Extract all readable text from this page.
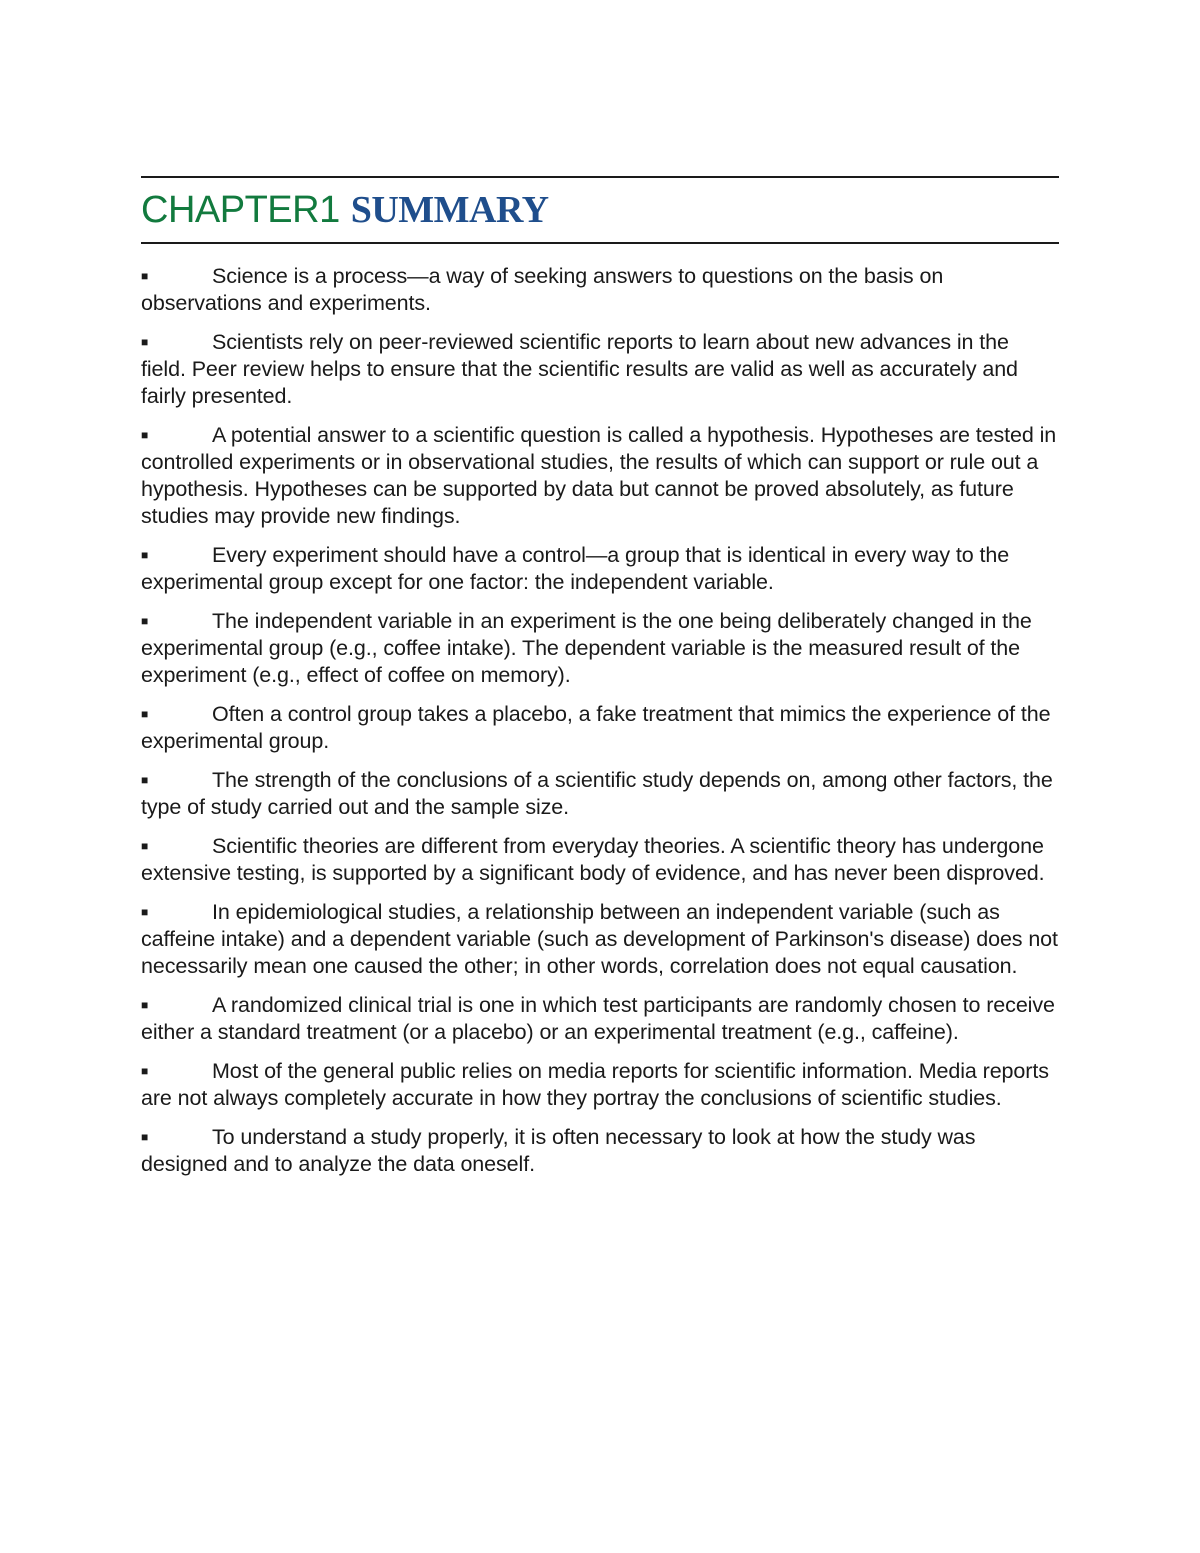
CHAPTER1 SUMMARY
■	Science is a process—a way of seeking answers to questions on the basis on observations and experiments.
■	Scientists rely on peer-reviewed scientific reports to learn about new advances in the field. Peer review helps to ensure that the scientific results are valid as well as accurately and fairly presented.
■	A potential answer to a scientific question is called a hypothesis. Hypotheses are tested in controlled experiments or in observational studies, the results of which can support or rule out a hypothesis. Hypotheses can be supported by data but cannot be proved absolutely, as future studies may provide new findings.
■	Every experiment should have a control—a group that is identical in every way to the experimental group except for one factor: the independent variable.
■	The independent variable in an experiment is the one being deliberately changed in the experimental group (e.g., coffee intake). The dependent variable is the measured result of the experiment (e.g., effect of coffee on memory).
■	Often a control group takes a placebo, a fake treatment that mimics the experience of the experimental group.
■	The strength of the conclusions of a scientific study depends on, among other factors, the type of study carried out and the sample size.
■	Scientific theories are different from everyday theories. A scientific theory has undergone extensive testing, is supported by a significant body of evidence, and has never been disproved.
■	In epidemiological studies, a relationship between an independent variable (such as caffeine intake) and a dependent variable (such as development of Parkinson's disease) does not necessarily mean one caused the other; in other words, correlation does not equal causation.
■	A randomized clinical trial is one in which test participants are randomly chosen to receive either a standard treatment (or a placebo) or an experimental treatment (e.g., caffeine).
■	Most of the general public relies on media reports for scientific information. Media reports are not always completely accurate in how they portray the conclusions of scientific studies.
■	To understand a study properly, it is often necessary to look at how the study was designed and to analyze the data oneself.
